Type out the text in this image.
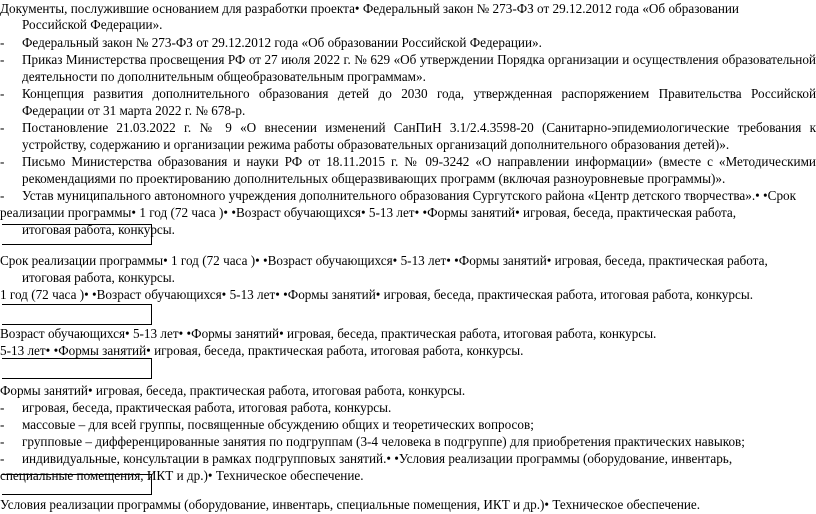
Документы, послужившие основанием для разработки проекта• Федеральный закон № 273-ФЗ от 29.12.2012 года «Об образовании
Российской Федерации».
- Федеральный закон № 273-ФЗ от 29.12.2012 года «Об образовании Российской Федерации».
- Приказ Министерства просвещения РФ от 27 июля 2022 г. № 629 «Об утверждении Порядка организации и осуществления образовательной
деятельности по дополнительным общеобразовательным программам».
- Концепция развития дополнительного образования детей до 2030 года, утвержденная распоряжением Правительства Российской
Федерации от 31 марта 2022 г. № 678-р.
- Постановление 21.03.2022 г. № 9 «О внесении изменений СанПиН 3.1/2.4.3598-20 (Санитарно-эпидемиологические требования к
устройству, содержанию и организации режима работы образовательных организаций дополнительного образования детей)».
- Письмо Министерства образования и науки РФ от 18.11.2015 г. № 09-3242 «О направлении информации» (вместе с «Методическими
рекомендациями по проектированию дополнительных общеразвивающих программ (включая разноуровневые программы)».
- Устав муниципального автономного учреждения дополнительного образования Сургутского района «Центр детского творчества».• •Срок
реализации программы• 1 год (72 часа )• •Возраст обучающихся• 5-13 лет• •Формы занятий• игровая, беседа, практическая работа,
итоговая работа, конкурсы.
Срок реализации программы• 1 год (72 часа )• •Возраст обучающихся• 5-13 лет• •Формы занятий• игровая, беседа, практическая работа,
итоговая работа, конкурсы.
1 год (72 часа )• •Возраст обучающихся• 5-13 лет• •Формы занятий• игровая, беседа, практическая работа, итоговая работа, конкурсы.
Возраст обучающихся• 5-13 лет• •Формы занятий• игровая, беседа, практическая работа, итоговая работа, конкурсы.
5-13 лет• •Формы занятий• игровая, беседа, практическая работа, итоговая работа, конкурсы.
Формы занятий• игровая, беседа, практическая работа, итоговая работа, конкурсы.
- игровая, беседа, практическая работа, итоговая работа, конкурсы.
- массовые – для всей группы, посвященные обсуждению общих и теоретических вопросов;
- групповые – дифференцированные занятия по подгруппам (3-4 человека в подгруппе) для приобретения практических навыков;
- индивидуальные, консультации в рамках подгрупповых занятий.• •Условия реализации программы (оборудование, инвентарь,
специальные помещения, ИКТ и др.)• Техническое обеспечение.
Условия реализации программы (оборудование, инвентарь, специальные помещения, ИКТ и др.)• Техническое обеспечение.
